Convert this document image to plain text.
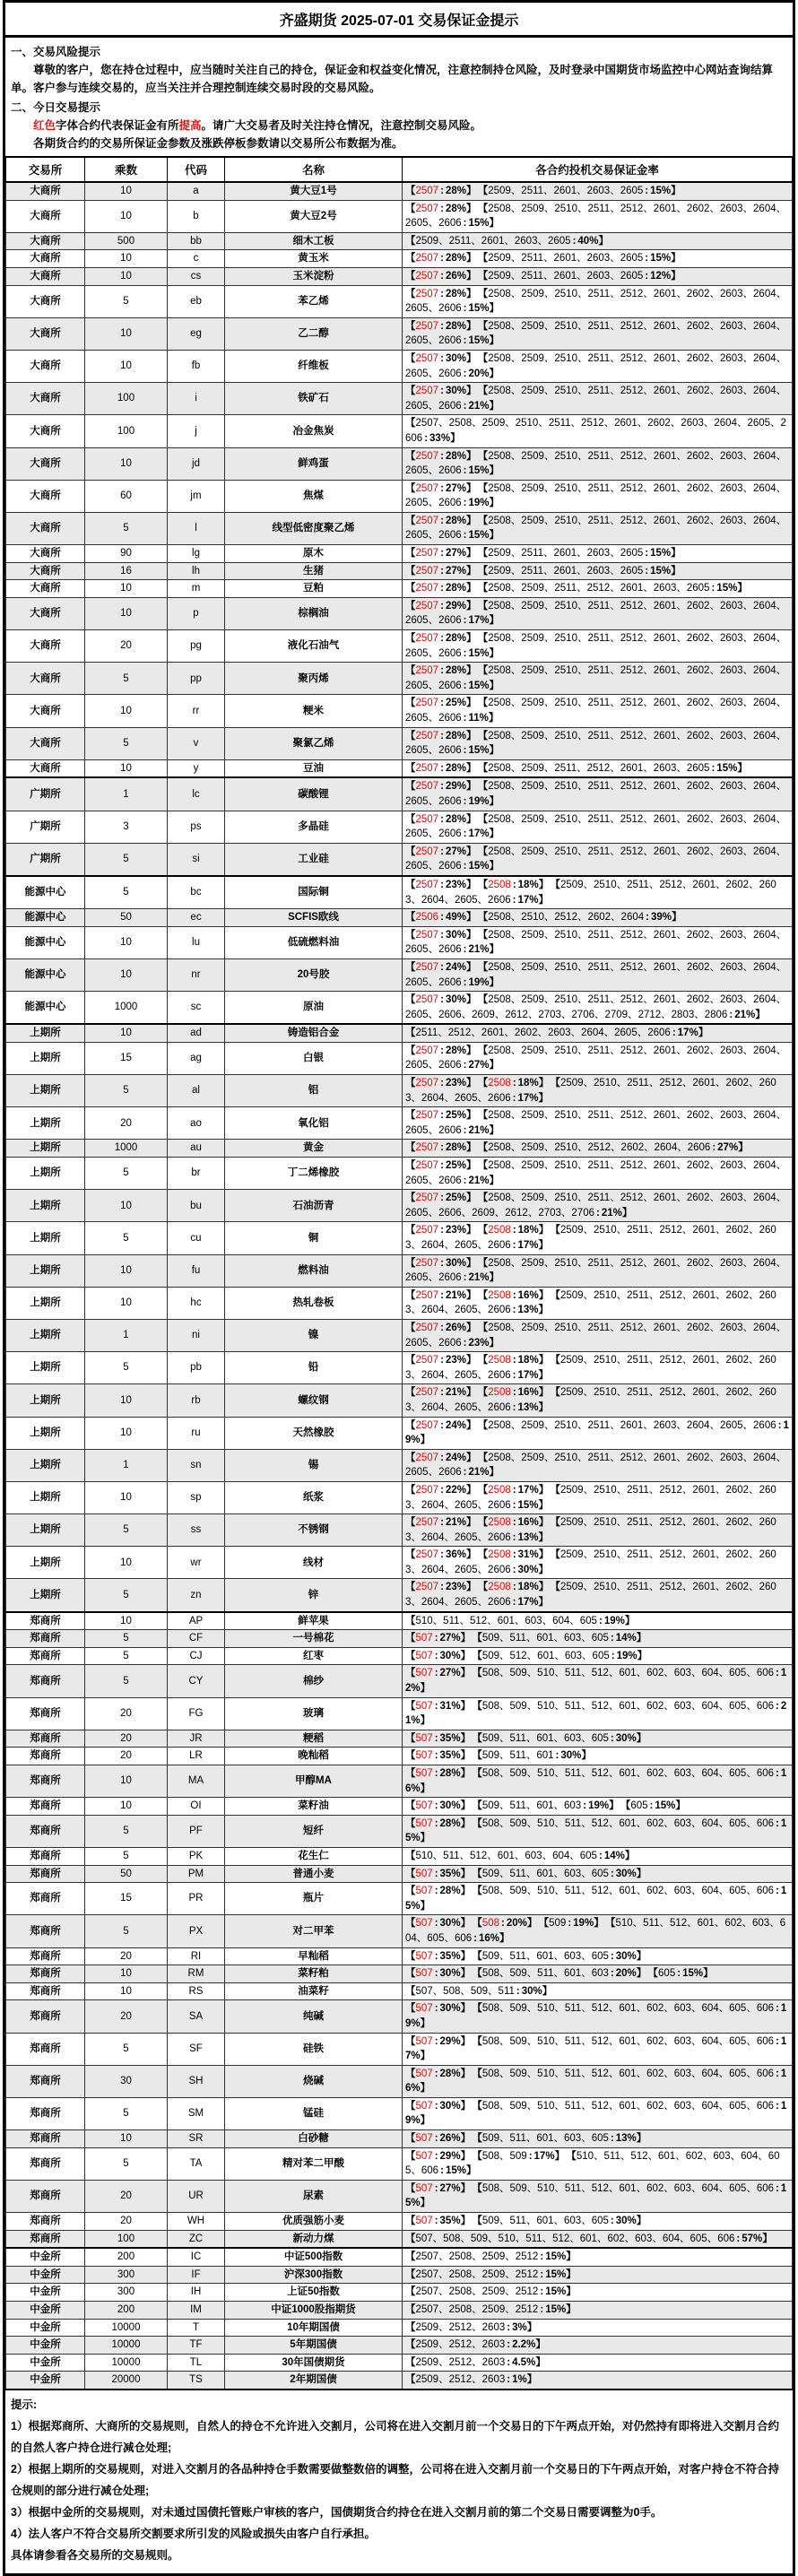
齐盛期货 2025-07-01 交易保证金提示
一、交易风险提示
尊敬的客户，您在持仓过程中，应当随时关注自己的持仓，保证金和权益变化情况，注意控制持仓风险，及时登录中国期货市场监控中心网站查询结算单。客户参与连续交易的，应当关注并合理控制连续交易时段的交易风险。
二、今日交易提示
红色字体合约代表保证金有所提高。请广大交易者及时关注持仓情况，注意控制交易风险。
各期货合约的交易所保证金参数及涨跌停板参数请以交易所公布数据为准。
交易所	乘数	代码	名称	各合约投机交易保证金率
大商所	10	a	黄大豆1号	【2507 : 28%】 【2509、2511、2601、2603、2605 : 15%】
大商所	10	b	黄大豆2号	【2507 : 28%】 【2508、2509、2510、2511、2512、2601、2602、2603、2604、2605、2606 : 15%】
大商所	500	bb	细木工板	【2509、2511、2601、2603、2605 : 40%】
大商所	10	c	黄玉米	【2507 : 28%】 【2509、2511、2601、2603、2605 : 15%】
大商所	10	cs	玉米淀粉	【2507 : 26%】 【2509、2511、2601、2603、2605 : 12%】
大商所	5	eb	苯乙烯	【2507 : 28%】 【2508、2509、2510、2511、2512、2601、2602、2603、2604、2605、2606 : 15%】
大商所	10	eg	乙二醇	【2507 : 28%】 【2508、2509、2510、2511、2512、2601、2602、2603、2604、2605、2606 : 15%】
大商所	10	fb	纤维板	【2507 : 30%】 【2508、2509、2510、2511、2512、2601、2602、2603、2604、2605、2606 : 20%】
大商所	100	i	铁矿石	【2507 : 30%】 【2508、2509、2510、2511、2512、2601、2602、2603、2604、2605、2606 : 21%】
大商所	100	j	冶金焦炭	【2507、2508、2509、2510、2511、2512、2601、2602、2603、2604、2605、2606 : 33%】
大商所	10	jd	鲜鸡蛋	【2507 : 28%】 【2508、2509、2510、2511、2512、2601、2602、2603、2604、2605、2606 : 15%】
大商所	60	jm	焦煤	【2507 : 27%】 【2508、2509、2510、2511、2512、2601、2602、2603、2604、2605、2606 : 19%】
大商所	5	l	线型低密度聚乙烯	【2507 : 28%】 【2508、2509、2510、2511、2512、2601、2602、2603、2604、2605、2606 : 15%】
大商所	90	lg	原木	【2507 : 27%】 【2509、2511、2601、2603、2605 : 15%】
大商所	16	lh	生猪	【2507 : 27%】 【2509、2511、2601、2603、2605 : 15%】
大商所	10	m	豆粕	【2507 : 28%】 【2508、2509、2511、2512、2601、2603、2605 : 15%】
大商所	10	p	棕榈油	【2507 : 29%】 【2508、2509、2510、2511、2512、2601、2602、2603、2604、2605、2606 : 17%】
大商所	20	pg	液化石油气	【2507 : 28%】 【2508、2509、2510、2511、2512、2601、2602、2603、2604、2605、2606 : 15%】
大商所	5	pp	聚丙烯	【2507 : 28%】 【2508、2509、2510、2511、2512、2601、2602、2603、2604、2605、2606 : 15%】
大商所	10	rr	粳米	【2507 : 25%】 【2508、2509、2510、2511、2512、2601、2602、2603、2604、2605、2606 : 11%】
大商所	5	v	聚氯乙烯	【2507 : 28%】 【2508、2509、2510、2511、2512、2601、2602、2603、2604、2605、2606 : 15%】
大商所	10	y	豆油	【2507 : 28%】 【2508、2509、2511、2512、2601、2603、2605 : 15%】
广期所	1	lc	碳酸锂	【2507 : 29%】 【2508、2509、2510、2511、2512、2601、2602、2603、2604、2605、2606 : 19%】
广期所	3	ps	多晶硅	【2507 : 28%】 【2508、2509、2510、2511、2512、2601、2602、2603、2604、2605、2606 : 17%】
广期所	5	si	工业硅	【2507 : 27%】 【2508、2509、2510、2511、2512、2601、2602、2603、2604、2605、2606 : 15%】
能源中心	5	bc	国际铜	【2507 : 23%】 【2508 : 18%】 【2509、2510、2511、2512、2601、2602、2603、2604、2605、2606 : 17%】
能源中心	50	ec	SCFIS欧线	【2506 : 49%】 【2508、2510、2512、2602、2604 : 39%】
能源中心	10	lu	低硫燃料油	【2507 : 30%】 【2508、2509、2510、2511、2512、2601、2602、2603、2604、2605、2606 : 21%】
能源中心	10	nr	20号胶	【2507 : 24%】 【2508、2509、2510、2511、2512、2601、2602、2603、2604、2605、2606 : 19%】
能源中心	1000	sc	原油	【2507 : 30%】 【2508、2509、2510、2511、2512、2601、2602、2603、2604、2605、2606、2609、2612、2703、2706、2709、2712、2803、2806 : 21%】
上期所	10	ad	铸造铝合金	【2511、2512、2601、2602、2603、2604、2605、2606 : 17%】
上期所	15	ag	白银	【2507 : 28%】 【2508、2509、2510、2511、2512、2601、2602、2603、2604、2605、2606 : 27%】
上期所	5	al	铝	【2507 : 23%】 【2508 : 18%】 【2509、2510、2511、2512、2601、2602、2603、2604、2605、2606 : 17%】
上期所	20	ao	氧化铝	【2507 : 25%】 【2508、2509、2510、2511、2512、2601、2602、2603、2604、2605、2606 : 21%】
上期所	1000	au	黄金	【2507 : 28%】 【2508、2509、2510、2512、2602、2604、2606 : 27%】
上期所	5	br	丁二烯橡胶	【2507 : 25%】 【2508、2509、2510、2511、2512、2601、2602、2603、2604、2605、2606 : 21%】
上期所	10	bu	石油沥青	【2507 : 25%】 【2508、2509、2510、2511、2512、2601、2602、2603、2604、2605、2606、2609、2612、2703、2706 : 21%】
上期所	5	cu	铜	【2507 : 23%】 【2508 : 18%】 【2509、2510、2511、2512、2601、2602、2603、2604、2605、2606 : 17%】
上期所	10	fu	燃料油	【2507 : 30%】 【2508、2509、2510、2511、2512、2601、2602、2603、2604、2605、2606 : 21%】
上期所	10	hc	热轧卷板	【2507 : 21%】 【2508 : 16%】 【2509、2510、2511、2512、2601、2602、2603、2604、2605、2606 : 13%】
上期所	1	ni	镍	【2507 : 26%】 【2508、2509、2510、2511、2512、2601、2602、2603、2604、2605、2606 : 23%】
上期所	5	pb	铅	【2507 : 23%】 【2508 : 18%】 【2509、2510、2511、2512、2601、2602、2603、2604、2605、2606 : 17%】
上期所	10	rb	螺纹钢	【2507 : 21%】 【2508 : 16%】 【2509、2510、2511、2512、2601、2602、2603、2604、2605、2606 : 13%】
上期所	10	ru	天然橡胶	【2507 : 24%】 【2508、2509、2510、2511、2601、2603、2604、2605、2606 : 19%】
上期所	1	sn	锡	【2507 : 24%】 【2508、2509、2510、2511、2512、2601、2602、2603、2604、2605、2606 : 21%】
上期所	10	sp	纸浆	【2507 : 22%】 【2508 : 17%】 【2509、2510、2511、2512、2601、2602、2603、2604、2605、2606 : 15%】
上期所	5	ss	不锈钢	【2507 : 21%】 【2508 : 16%】 【2509、2510、2511、2512、2601、2602、2603、2604、2605、2606 : 13%】
上期所	10	wr	线材	【2507 : 36%】 【2508 : 31%】 【2509、2510、2511、2512、2601、2602、2603、2604、2605、2606 : 30%】
上期所	5	zn	锌	【2507 : 23%】 【2508 : 18%】 【2509、2510、2511、2512、2601、2602、2603、2604、2605、2606 : 17%】
郑商所	10	AP	鲜苹果	【510、511、512、601、603、604、605 : 19%】
郑商所	5	CF	一号棉花	【507 : 27%】 【509、511、601、603、605 : 14%】
郑商所	5	CJ	红枣	【507 : 30%】 【509、512、601、603、605 : 19%】
郑商所	5	CY	棉纱	【507 : 27%】 【508、509、510、511、512、601、602、603、604、605、606 : 12%】
郑商所	20	FG	玻璃	【507 : 31%】 【508、509、510、511、512、601、602、603、604、605、606 : 21%】
郑商所	20	JR	粳稻	【507 : 35%】 【509、511、601、603、605 : 30%】
郑商所	20	LR	晚籼稻	【507 : 35%】 【509、511、601 : 30%】
郑商所	10	MA	甲醇MA	【507 : 28%】 【508、509、510、511、512、601、602、603、604、605、606 : 16%】
郑商所	10	OI	菜籽油	【507 : 30%】 【509、511、601、603 : 19%】 【605 : 15%】
郑商所	5	PF	短纤	【507 : 28%】 【508、509、510、511、512、601、602、603、604、605、606 : 15%】
郑商所	5	PK	花生仁	【510、511、512、601、603、604、605 : 14%】
郑商所	50	PM	普通小麦	【507 : 35%】 【509、511、601、603、605 : 30%】
郑商所	15	PR	瓶片	【507 : 28%】 【508、509、510、511、512、601、602、603、604、605、606 : 15%】
郑商所	5	PX	对二甲苯	【507 : 30%】 【508 : 20%】 【509 : 19%】 【510、511、512、601、602、603、604、605、606 : 16%】
郑商所	20	RI	早籼稻	【507 : 35%】 【509、511、601、603、605 : 30%】
郑商所	10	RM	菜籽粕	【507 : 30%】 【508、509、511、601、603 : 20%】 【605 : 15%】
郑商所	10	RS	油菜籽	【507、508、509、511 : 30%】
郑商所	20	SA	纯碱	【507 : 30%】 【508、509、510、511、512、601、602、603、604、605、606 : 19%】
郑商所	5	SF	硅铁	【507 : 29%】 【508、509、510、511、512、601、602、603、604、605、606 : 17%】
郑商所	30	SH	烧碱	【507 : 28%】 【508、509、510、511、512、601、602、603、604、605、606 : 16%】
郑商所	5	SM	锰硅	【507 : 30%】 【508、509、510、511、512、601、602、603、604、605、606 : 19%】
郑商所	10	SR	白砂糖	【507 : 26%】 【509、511、601、603、605 : 13%】
郑商所	5	TA	精对苯二甲酸	【507 : 29%】 【508、509 : 17%】 【510、511、512、601、602、603、604、605、606 : 15%】
郑商所	20	UR	尿素	【507 : 27%】 【508、509、510、511、512、601、602、603、604、605、606 : 15%】
郑商所	20	WH	优质强筋小麦	【507 : 35%】 【509、511、601、603、605 : 30%】
郑商所	100	ZC	新动力煤	【507、508、509、510、511、512、601、602、603、604、605、606 : 57%】
中金所	200	IC	中证500指数	【2507、2508、2509、2512 : 15%】
中金所	300	IF	沪深300指数	【2507、2508、2509、2512 : 15%】
中金所	300	IH	上证50指数	【2507、2508、2509、2512 : 15%】
中金所	200	IM	中证1000股指期货	【2507、2508、2509、2512 : 15%】
中金所	10000	T	10年期国债	【2509、2512、2603 : 3%】
中金所	10000	TF	5年期国债	【2509、2512、2603 : 2.2%】
中金所	10000	TL	30年国债期货	【2509、2512、2603 : 4.5%】
中金所	20000	TS	2年期国债	【2509、2512、2603 : 1%】
提示:
1）根据郑商所、大商所的交易规则，自然人的持仓不允许进入交割月，公司将在进入交割月前一个交易日的下午两点开始，对仍然持有即将进入交割月合约的自然人客户持仓进行减仓处理;
2）根据上期所的交易规则，对进入交割月的各品种持仓手数需要做整数倍的调整，公司将在进入交割月前一个交易日的下午两点开始，对客户持仓不符合持仓规则的部分进行减仓处理;
3）根据中金所的交易规则，对未通过国债托管账户审核的客户，国债期货合约持仓在进入交割月前的第二个交易日需要调整为0手。
4）法人客户不符合交易所交割要求所引发的风险或损失由客户自行承担。
具体请参看各交易所的交易规则。
